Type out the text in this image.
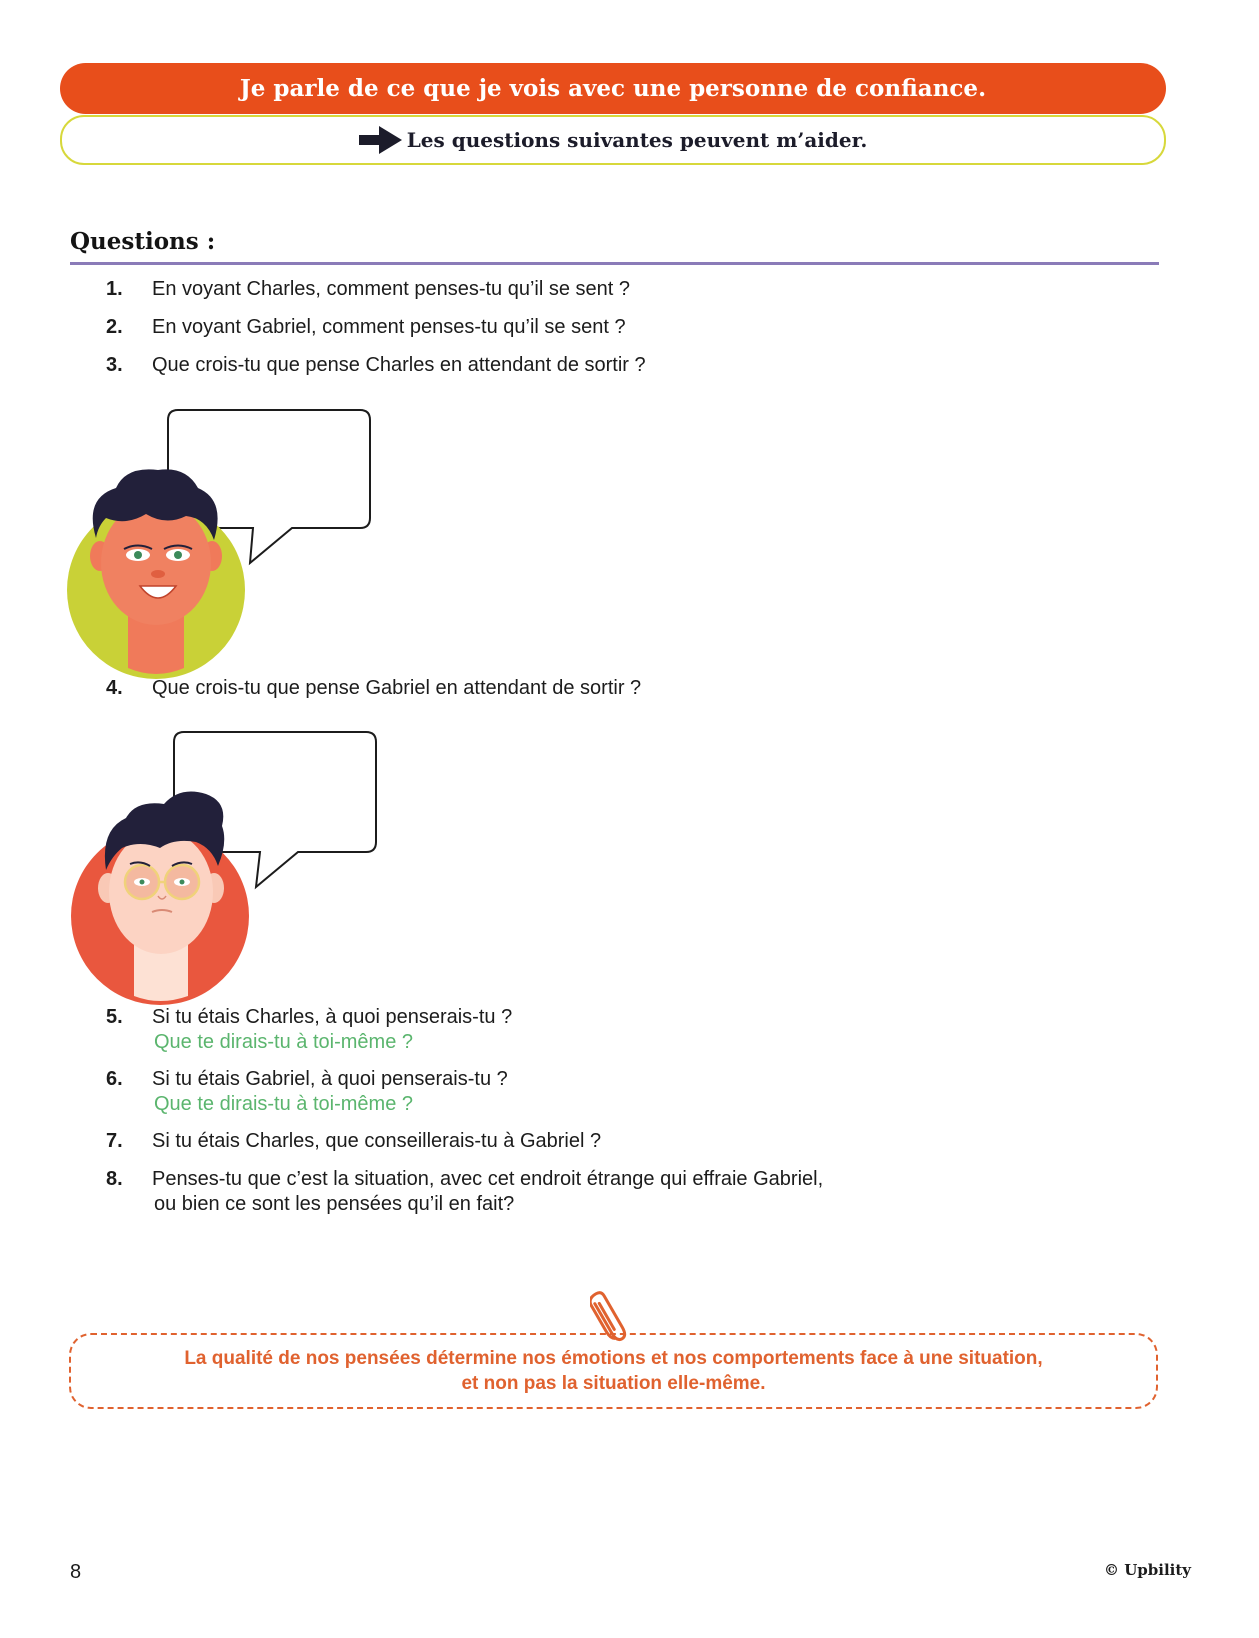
Je parle de ce que je vois avec une personne de confiance.
Les questions suivantes peuvent m’aider.
Questions :
1.	En voyant Charles, comment penses-tu qu’il se sent ?
2.	En voyant Gabriel, comment penses-tu qu’il se sent ?
3.	Que crois-tu que pense Charles en attendant de sortir ?
4.	Que crois-tu que pense Gabriel en attendant de sortir ?
5.	Si tu étais Charles, à quoi penserais-tu ?
Que te dirais-tu à toi-même ?
6.	Si tu étais Gabriel, à quoi penserais-tu ?
Que te dirais-tu à toi-même ?
7.	Si tu étais Charles, que conseillerais-tu à Gabriel ?
8.	Penses-tu que c’est la situation, avec cet endroit étrange qui effraie Gabriel,
ou bien ce sont les pensées qu’il en fait?
La qualité de nos pensées détermine nos émotions et nos comportements face à une situation,
et non pas la situation elle-même.
8	© Upbility
